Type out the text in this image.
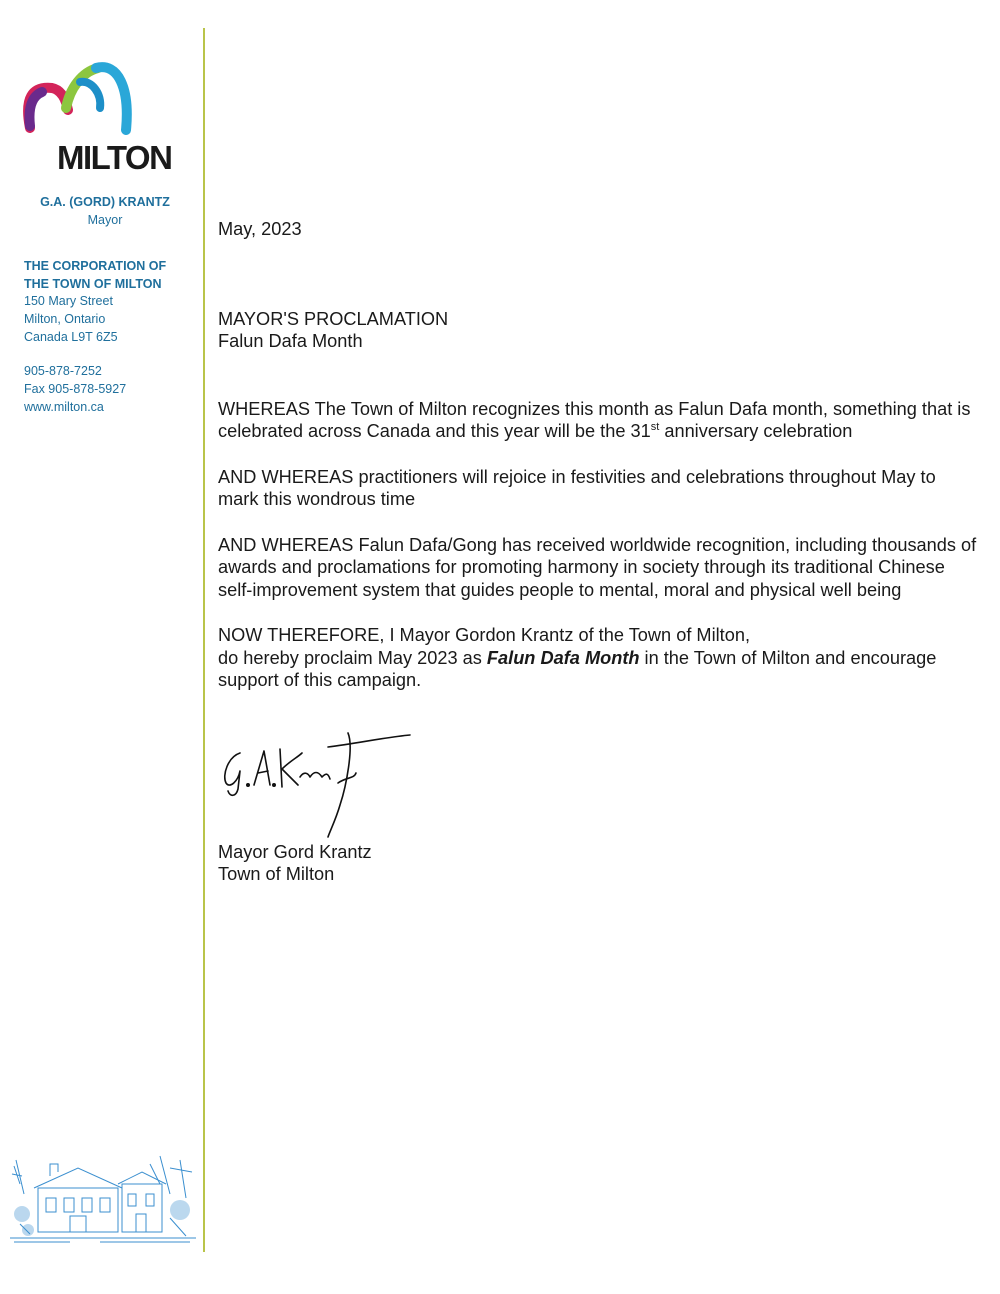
MILTON
G.A. (GORD) KRANTZ
Mayor
THE CORPORATION OF
THE TOWN OF MILTON
150 Mary Street
Milton, Ontario
Canada L9T 6Z5
905-878-7252
Fax 905-878-5927
www.milton.ca

May, 2023

MAYOR'S PROCLAMATION

Falun Dafa Month

WHEREAS The Town of Milton recognizes this month as Falun Dafa month, something that is celebrated across Canada and this year will be the 31st anniversary celebration

AND WHEREAS practitioners will rejoice in festivities and celebrations throughout May to mark this wondrous time

AND WHEREAS Falun Dafa/Gong has received worldwide recognition, including thousands of awards and proclamations for promoting harmony in society through its traditional Chinese self-improvement system that guides people to mental, moral and physical well being

NOW THEREFORE, I Mayor Gordon Krantz of the Town of Milton,
do hereby proclaim May 2023 as Falun Dafa Month in the Town of Milton and encourage support of this campaign.

Mayor Gord Krantz

Town of Milton
